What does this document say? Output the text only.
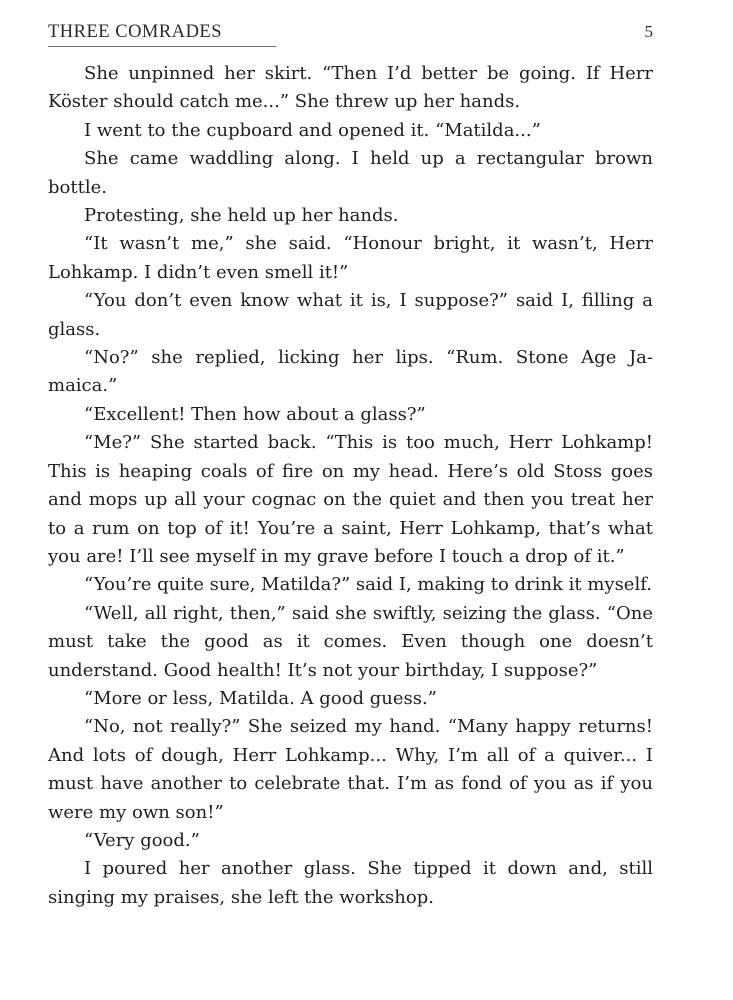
THREE COMRADES	5

She unpinned her skirt. “Then I’d better be going. If Herr Köster should catch me...” She threw up her hands.

I went to the cupboard and opened it. “Matilda...”

She came waddling along. I held up a rectangular brown bottle.

Protesting, she held up her hands.

“It wasn’t me,” she said. “Honour bright, it wasn’t, Herr Lohkamp. I didn’t even smell it!”

“You don’t even know what it is, I suppose?” said I, filling a glass.

“No?” she replied, licking her lips. “Rum. Stone Age Jamaica.”

“Excellent! Then how about a glass?”

“Me?” She started back. “This is too much, Herr Lohkamp! This is heaping coals of fire on my head. Here’s old Stoss goes and mops up all your cognac on the quiet and then you treat her to a rum on top of it! You’re a saint, Herr Lohkamp, that’s what you are! I’ll see myself in my grave before I touch a drop of it.”

“You’re quite sure, Matilda?” said I, making to drink it myself.

“Well, all right, then,” said she swiftly, seizing the glass. “One must take the good as it comes. Even though one doesn’t understand. Good health! It’s not your birthday, I suppose?”

“More or less, Matilda. A good guess.”

“No, not really?” She seized my hand. “Many happy returns! And lots of dough, Herr Lohkamp... Why, I’m all of a quiver... I must have another to celebrate that. I’m as fond of you as if you were my own son!”

“Very good.”

I poured her another glass. She tipped it down and, still singing my praises, she left the workshop.
